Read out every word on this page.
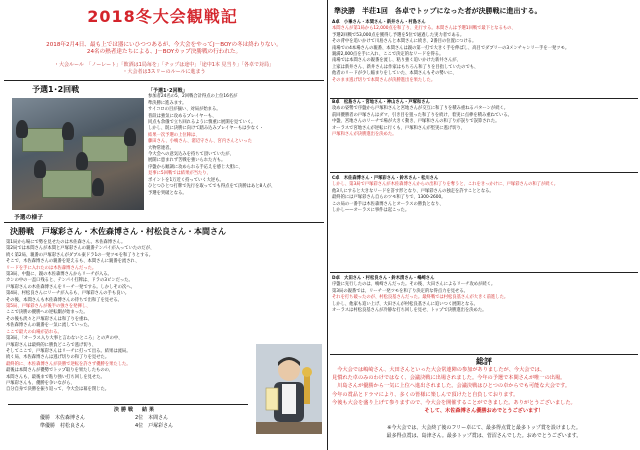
2018冬大会観戦記
2018年2月4日、最も上では器にいひつつあるが、今大会をやってJ－BOYの冬は終わりない。
24名の熱者達たちによる、J－BOYカップ決勝戦の行われた。
・大会ルール　「ノーレート」「飲酒は1局毎を」「チップは途中」「途中1本 見当り」「各卓で対局」
・大会者は3スリーのルールに進まう
予選1･2回戦	「予選1･2回戦」
参加者24名の5、2回戦合計得点の上位16名が
準決勝に進みます。
サイコロの目が揃い、対局が始まる。
普段は強気に攻めるプレイヤーも、
同点も余儀で立ち回れるように慎重に展開を見ていく。
しかし、既に決勝に向けて踏み込みプレイヤーもは少なく・
結果一次予選の上位陣は、
藤田さん、小嶋さん、渚辺守さん、宮内さんといった
大物常連者。
今大会への意気込みを持ちて頂いていたが、
展開に恵まれず苦戦を強いられた方も。
序盤から順調に攻められる手応えを感じ大胆に、
見事に5回戦では結果が当たり、
ポイントを1万近く持っていく大逆も。
ひとつひとつ打牌で先行を取ってでも得点をて決勝はあと8人が、
予選を突破となる。
予選の様子
決勝戦　戸塚彩さん・木佐森博さん・村松良さん・本間さん
第1局から場にで勢を見せたのは木佐森さん。木佐森博さん。
第2局では本間さんが本間と戸塚彩さんの親番テンパイが入っていたのだが、
続く第2局、親番の戸塚彩さんがダブル東ドラ1の一発ツモを和了りとする。
そこで、木佐森博さんの親番を迎えるも、本間さんに親番を流され、
リードを手に入れたのは木佐森博さんだった。
第3局、中盤に、親の木佐森博さんからリーチが入る。
カンの中の一盃口残ると、テンパイ打牌は、ドラの3ピンだった。
戸塚彩さんの木佐森博さんをリーチ一発でする。しかしその次へ。
第4局、村松良さんにリーチが入るも、戸塚彩さんの手も良い。
その後、本間さんも木佐森博さんの待ちで出和了を見せる。
第5局、戸塚彩さんが後半の強さを発揮し、
ここで決勝の優勝への逆転劇が始まった。
その後も淡々と戸塚彩さんは和了りを重ね、
木佐森博さんの親番を一気に流していった。
ここで最大の山場が訪れる。
第3局、「オーラス入り大事と言わないところ」との声の中、
戸塚彩さんは最終的に勝負どころで逃げ切り、
そしてここで、戸塚彩さんはリーチに打って出る。結果は流局。
続く局、木佐森博さんは逃げ切りの和了りを見せた。
最終的に、木佐森博さんが決勝で逆転を許さず優勝を果たした。
最後は本間さんが優勢でトップ取りを果たしたものの、
本間さんも、最後まで粘り強い打ち回しを見せた。
戸塚彩さんも、優勝を争いながら、
自分自身で決勝を振り返って、今大会は幕を閉じた。
決勝戦　結果
優勝　木佐森博さん	2位　本間さん
準優勝　村松良さん	4位　戸塚彩さん
準決勝　半荘1回　各卓でトップになった者が決勝戦に進出する。
A卓　小峯さん・本間さん・新井さん・村島さん
本間さんが第1局から12,000点を和了り、先行する。本間さんは予選1回戦で最下となるもの、
予選2回戦で53,000点を獲得し予選を5位で通過した実力者である。
その背中を追いかけて川島さんと本間さんに続き、2番目の位置につける。
南場での4本場さんの親番、本間さんは親の第一打で大きく手を伸ばし、高目でダブリーの3メンチャンリー手を一発ツモ。
親満2,000点を手に入れ、ここで決定的なリードを得る。
南場では本間さんの親番を流し、粘り強く追いかけた新井さんが、
上家は新井さん、新井さんは作家はもちろん和了りを目指していたのでも、
他者のリードが少し縮まりをしていた、本間さんもその勢いに、
そのまま逃げ切りで本間さんが決勝進出を果たした。
B卓　松島さん・宮地さん・神山さん・戸塚和さん
攻めの姿勢で序盤から戸塚和さんと宮地さんが交互に和了りを積み重ねるパターンが続く。
前回優勝者の戸塚さんはダマ、引き目を狙った和了りを続け、着実に点棒を積み重ねている。
中盤、宮地さんのリーチで場が大きく動き、戸塚和さんの和了りが誤りで誤算された。
オーラスで宮地さんが逆転に行くも、戸塚和さんが堅実に逃げ切り、
戸塚和さんが決勝進出を決めた。
C卓　木佐森博さん・戸塚彩さん・鈴木さん・松川さん
しかし、第3局で戸塚彩さんが木佐森博さんからの出和了りを奪うと、これをきっかけに、戸塚彩さんの和了が続く。
他3人にすると大きなリードを許す形となり、戸塚彩さんの独走を許すこととなる。
最終的には戸塚彩さん自らのツモ和了りで、1300-2600。
この局の一番手は木佐森博さんとオーラスの勝負となり、
しかし——オーラスに事件は起こった。
D卓　大田さん・村松良さん・鈴木清さん・嶋崎さん
序盤に先行したのは、嶋崎さんだった。その後、大田さんによるリーチ攻めが続く。
第3局の親番では、リーチ一発ツモを和了り決定的な得点力を見せる。
それを打ち破ったのが、村松良基さんだった。最終戦では村松良基さんが大きく前進した。
しかし、他家も追い上げ、大田さんが村松良基さんに追いつく展開となる。
オーラスは村松良基さんが冷静な打ち回しを見せ、トップで決勝進出を決めた。
総評
　今大会では嶋崎さん、大田さんといった大会常連陣の参加がありましたが、今大会では、
見慣れた卓のみのわけではなく、会議決戦に出場されました。今年の予選で本間さんが唯一の出場。
　川島さんが優勝から一気に上位へ進出されました。会議決戦はひとつの卓からでも可能な大会です。
今年の賞品とドラマにより、多くの皆様に楽しんで頂けたと自負しております。
今後も大会を盛り上げて参りますので、今大会を開催することができました。ありがとうございました。
そして、木佐森博さん優勝おめでとうございます！
※今大会では、大会終了後のフリー卓にて、最多得点賞と最多トップ賞を設けました。
最多得点賞は、島津さん。最多トップ賞は、菅沼さんでした。おめでとうございます。
